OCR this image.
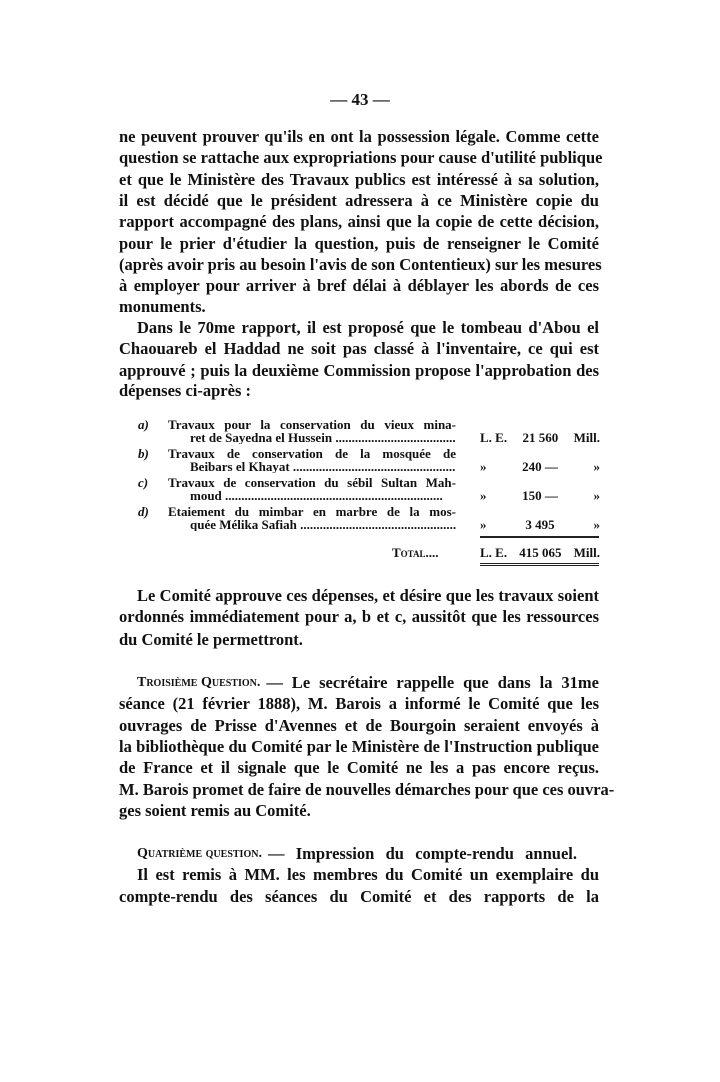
— 43 —
ne peuvent prouver qu'ils en ont la possession légale. Comme cette
question se rattache aux expropriations pour cause d'utilité publique
et que le Ministère des Travaux publics est intéressé à sa solution,
il est décidé que le président adressera à ce Ministère copie du
rapport accompagné des plans, ainsi que la copie de cette décision,
pour le prier d'étudier la question, puis de renseigner le Comité
(après avoir pris au besoin l'avis de son Contentieux) sur les mesures
à employer pour arriver à bref délai à déblayer les abords de ces
monuments.
Dans le 70me rapport, il est proposé que le tombeau d'Abou el
Chaouareb el Haddad ne soit pas classé à l'inventaire, ce qui est
approuvé ; puis la deuxième Commission propose l'approbation des
dépenses ci-après :
a) Travaux pour la conservation du vieux mina-
ret de Sayedna el Hussein .....	L. E. 21 560 Mill.
b) Travaux de conservation de la mosquée de
Beibars el Khayat .....	»	240 —	»
c) Travaux de conservation du sébil Sultan Mah-
moud .....	»	150 —	»
d) Etaiement du mimbar en marbre de la mos-
quée Mélika Safiah .....	»	3 495	»
Total....	L. E. 415 065 Mill.
Le Comité approuve ces dépenses, et désire que les travaux soient
ordonnés immédiatement pour a, b et c, aussitôt que les ressources
du Comité le permettront.
Troisième Question. — Le secrétaire rappelle que dans la 31me
séance (21 février 1888), M. Barois a informé le Comité que les
ouvrages de Prisse d'Avennes et de Bourgoin seraient envoyés à
la bibliothèque du Comité par le Ministère de l'Instruction publique
de France et il signale que le Comité ne les a pas encore reçus.
M. Barois promet de faire de nouvelles démarches pour que ces ouvra-
ges soient remis au Comité.
Quatrième question. — Impression du compte-rendu annuel.
Il est remis à MM. les membres du Comité un exemplaire du
compte-rendu des séances du Comité et des rapports de la
